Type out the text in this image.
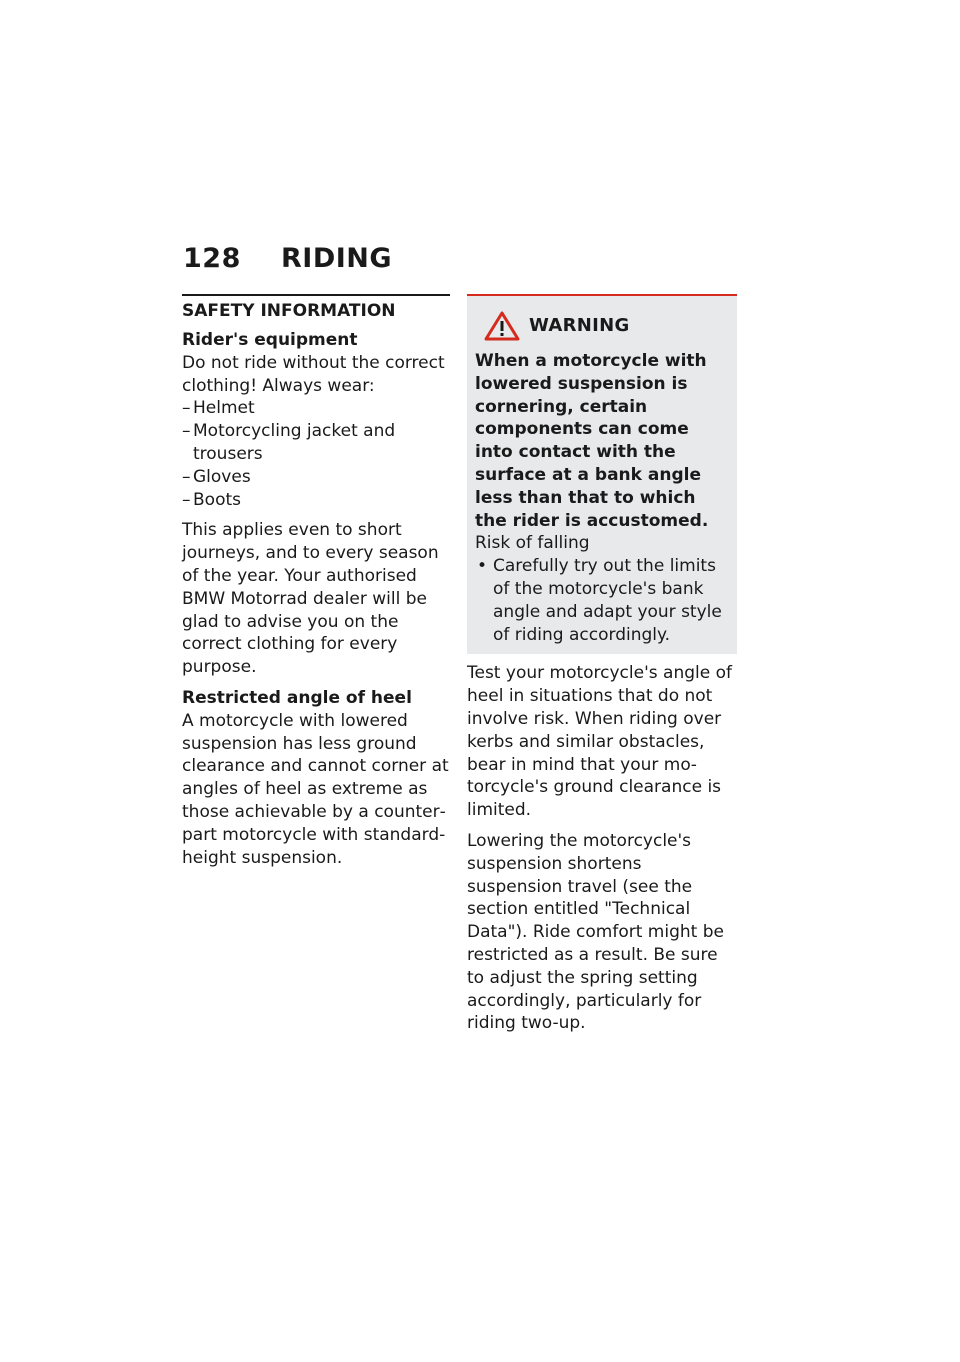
128 RIDING
SAFETY INFORMATION

Rider's equipment

Do not ride without the correct clothing! Always wear:

– Helmet
– Motorcycling jacket and trousers
– Gloves
– Boots

This applies even to short journeys, and to every season of the year. Your authorised BMW Motorrad dealer will be glad to advise you on the correct clothing for every purpose.

Restricted angle of heel

A motorcycle with lowered suspension has less ground clearance and cannot corner at angles of heel as extreme as those achievable by a counterpart motorcycle with standardheight suspension.

WARNING

When a motorcycle with lowered suspension is cornering, certain components can come into contact with the surface at a bank angle less than that to which the rider is accustomed.

Risk of falling

• Carefully try out the limits of the motorcycle's bank angle and adapt your style of riding accordingly.

Test your motorcycle's angle of heel in situations that do not involve risk. When riding over kerbs and similar obstacles, bear in mind that your motorcycle's ground clearance is limited.

Lowering the motorcycle's suspension shortens suspension travel (see the section entitled "Technical Data"). Ride comfort might be restricted as a result. Be sure to adjust the spring setting accordingly, particularly for riding two-up.
